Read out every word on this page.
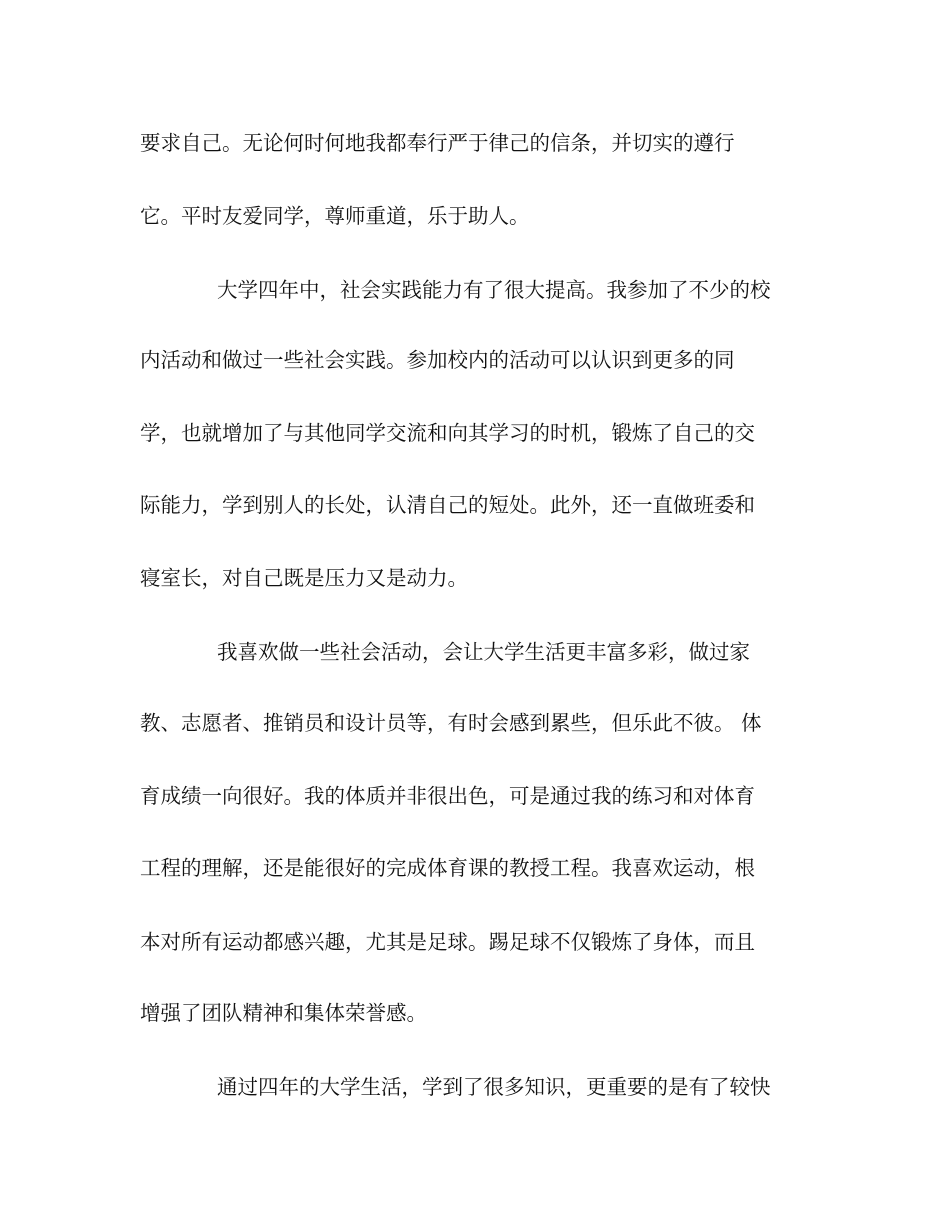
要求自己。无论何时何地我都奉行严于律己的信条，并切实的遵行
它。平时友爱同学，尊师重道，乐于助人。
大学四年中，社会实践能力有了很大提高。我参加了不少的校
内活动和做过一些社会实践。参加校内的活动可以认识到更多的同
学，也就增加了与其他同学交流和向其学习的时机，锻炼了自己的交
际能力，学到别人的长处，认清自己的短处。此外，还一直做班委和
寝室长，对自己既是压力又是动力。
我喜欢做一些社会活动，会让大学生活更丰富多彩，做过家
教、志愿者、推销员和设计员等，有时会感到累些，但乐此不彼。 体
育成绩一向很好。我的体质并非很出色，可是通过我的练习和对体育
工程的理解，还是能很好的完成体育课的教授工程。我喜欢运动，根
本对所有运动都感兴趣，尤其是足球。踢足球不仅锻炼了身体，而且
增强了团队精神和集体荣誉感。
通过四年的大学生活，学到了很多知识，更重要的是有了较快
